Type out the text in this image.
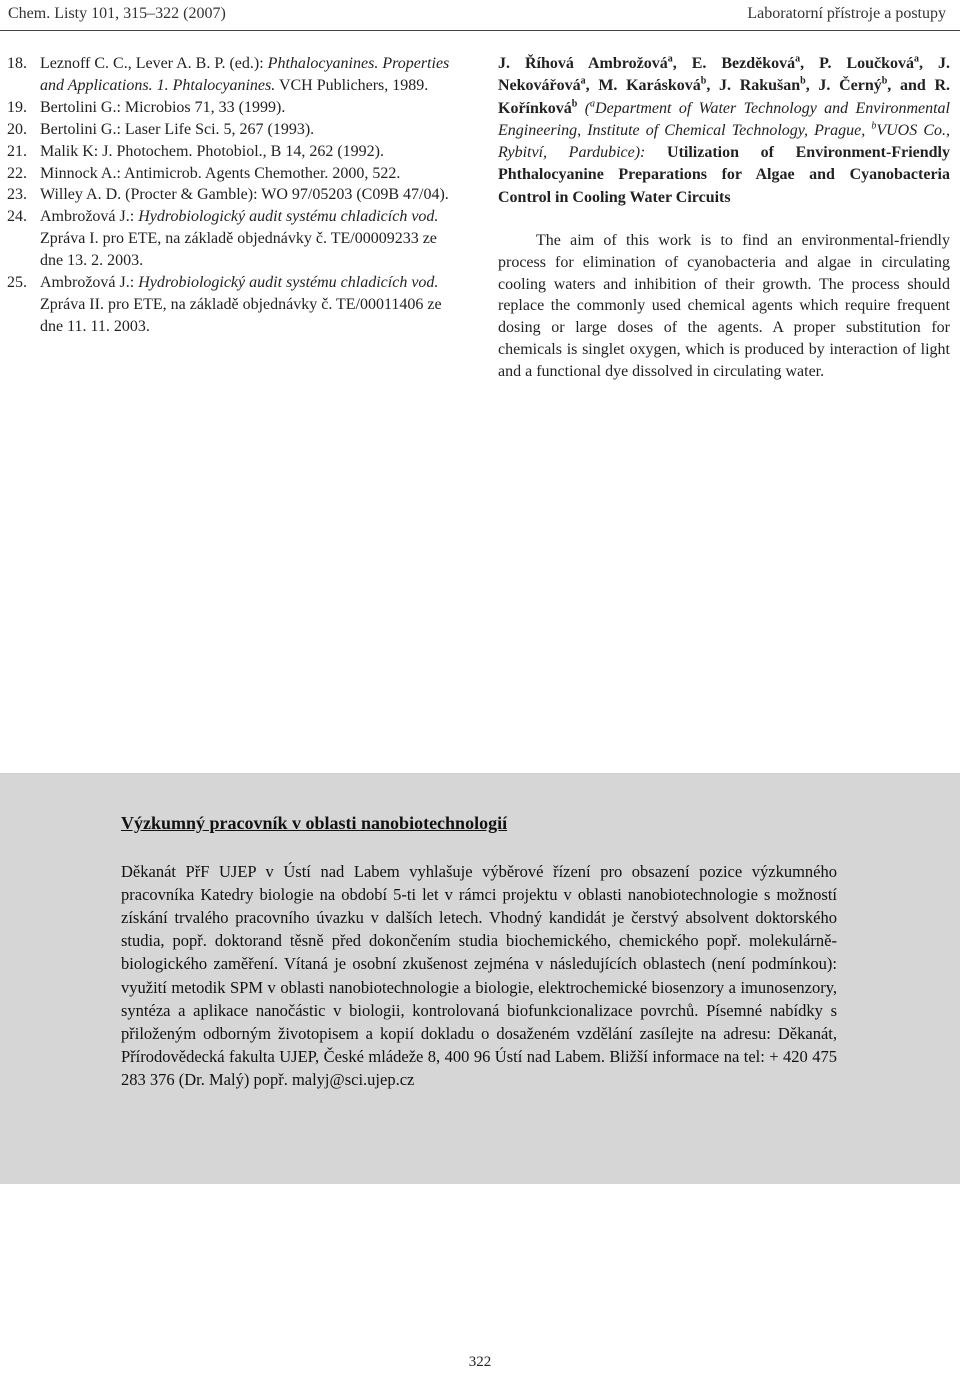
Chem. Listy 101, 315–322 (2007)	Laboratorní přístroje a postupy
18. Leznoff C. C., Lever A. B. P. (ed.): Phthalocyanines. Properties and Applications. 1. Phtalocyanines. VCH Publichers, 1989.
19. Bertolini G.: Microbios 71, 33 (1999).
20. Bertolini G.: Laser Life Sci. 5, 267 (1993).
21. Malik K: J. Photochem. Photobiol., B 14, 262 (1992).
22. Minnock A.: Antimicrob. Agents Chemother. 2000, 522.
23. Willey A. D. (Procter & Gamble): WO 97/05203 (C09B 47/04).
24. Ambrožová J.: Hydrobiologický audit systému chladicích vod. Zpráva I. pro ETE, na základě objednávky č. TE/00009233 ze dne 13. 2. 2003.
25. Ambrožová J.: Hydrobiologický audit systému chladicích vod. Zpráva II. pro ETE, na základě objednávky č. TE/00011406 ze dne 11. 11. 2003.
J. Říhová Ambrožová$^a$, E. Bezděková$^a$, P. Loučková$^a$, J. Nekovářová$^a$, M. Karásková$^b$, J. Rakušan$^b$, J. Černý$^b$, and R. Kořínková$^b$ ($^a$Department of Water Technology and Environmental Engineering, Institute of Chemical Technology, Prague, $^b$VUOS Co., Rybitví, Pardubice): Utilization of Environment-Friendly Phthalocyanine Preparations for Algae and Cyanobacteria Control in Cooling Water Circuits
The aim of this work is to find an environmental-friendly process for elimination of cyanobacteria and algae in circulating cooling waters and inhibition of their growth. The process should replace the commonly used chemical agents which require frequent dosing or large doses of the agents. A proper substitution for chemicals is singlet oxygen, which is produced by interaction of light and a functional dye dissolved in circulating water.
Výzkumný pracovník v oblasti nanobiotechnologií
Děkanát PřF UJEP v Ústí nad Labem vyhlašuje výběrové řízení pro obsazení pozice výzkumného pracovníka Katedry biologie na období 5-ti let v rámci projektu v oblasti nanobiotechnologie s možností získání trvalého pracovního úvazku v dalších letech. Vhodný kandidát je čerstvý absolvent doktorského studia, popř. doktorand těsně před dokončením studia biochemického, chemického popř. molekulárně-biologického zaměření. Vítaná je osobní zkušenost zejména v následujících oblastech (není podmínkou): využití metodik SPM v oblasti nanobiotechnologie a biologie, elektrochemické biosenzory a imunosenzory, syntéza a aplikace nanočástic v biologii, kontrolovaná biofunkcionalizace povrchů. Písemné nabídky s přiloženým odborným životopisem a kopií dokladu o dosaženém vzdělání zasílejte na adresu: Děkanát, Přírodovědecká fakulta UJEP, České mládeže 8, 400 96 Ústí nad Labem. Bližší informace na tel: + 420 475 283 376 (Dr. Malý) popř. malyj@sci.ujep.cz
322
